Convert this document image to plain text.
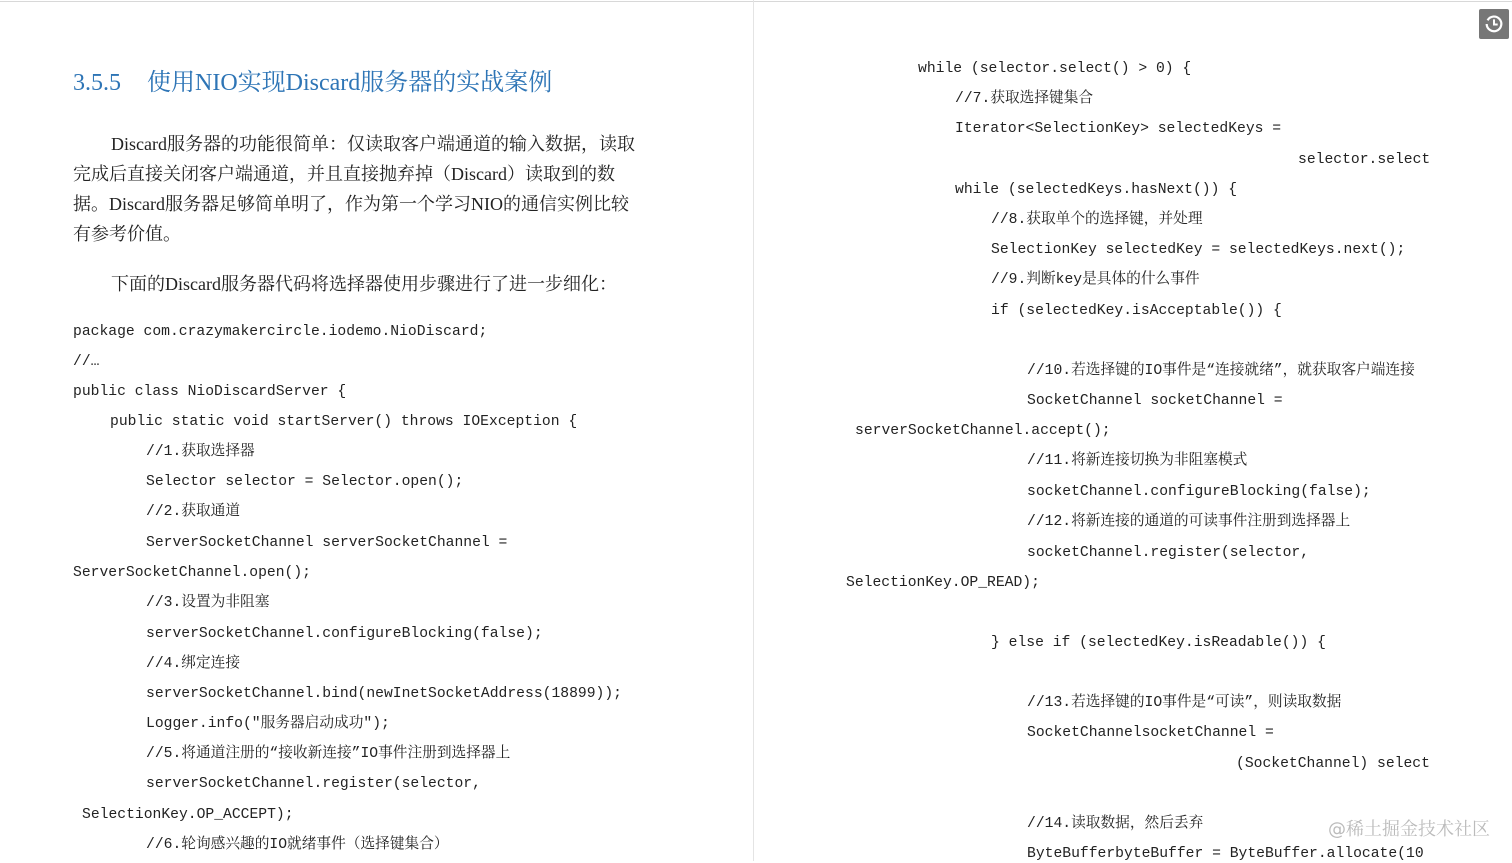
3.5.5 使用NIO实现Discard服务器的实战案例
Discard服务器的功能很简单：仅读取客户端通道的输入数据，读取
完成后直接关闭客户端通道，并且直接抛弃掉（Discard）读取到的数
据。Discard服务器足够简单明了，作为第一个学习NIO的通信实例比较
有参考价值。
下面的Discard服务器代码将选择器使用步骤进行了进一步细化：
package com.crazymakercircle.iodemo.NioDiscard;
//…
public class NioDiscardServer {
public static void startServer() throws IOException {
//1.获取选择器
Selector selector = Selector.open();
//2.获取通道
ServerSocketChannel serverSocketChannel =
ServerSocketChannel.open();
//3.设置为非阻塞
serverSocketChannel.configureBlocking(false);
//4.绑定连接
serverSocketChannel.bind(newInetSocketAddress(18899));
Logger.info("服务器启动成功");
//5.将通道注册的“接收新连接”IO事件注册到选择器上
serverSocketChannel.register(selector,
SelectionKey.OP_ACCEPT);
//6.轮询感兴趣的IO就绪事件（选择键集合）
while (selector.select() > 0) {
//7.获取选择键集合
Iterator<SelectionKey> selectedKeys =
selector.select
while (selectedKeys.hasNext()) {
//8.获取单个的选择键，并处理
SelectionKey selectedKey = selectedKeys.next();
//9.判断key是具体的什么事件
if (selectedKey.isAcceptable()) {
//10.若选择键的IO事件是“连接就绪”，就获取客户端连接
SocketChannel socketChannel =
serverSocketChannel.accept();
//11.将新连接切换为非阻塞模式
socketChannel.configureBlocking(false);
//12.将新连接的通道的可读事件注册到选择器上
socketChannel.register(selector,
SelectionKey.OP_READ);
} else if (selectedKey.isReadable()) {
//13.若选择键的IO事件是“可读”，则读取数据
SocketChannelsocketChannel =
(SocketChannel) select
//14.读取数据，然后丢弃
ByteBufferbyteBuffer = ByteBuffer.allocate(10
@稀土掘金技术社区
